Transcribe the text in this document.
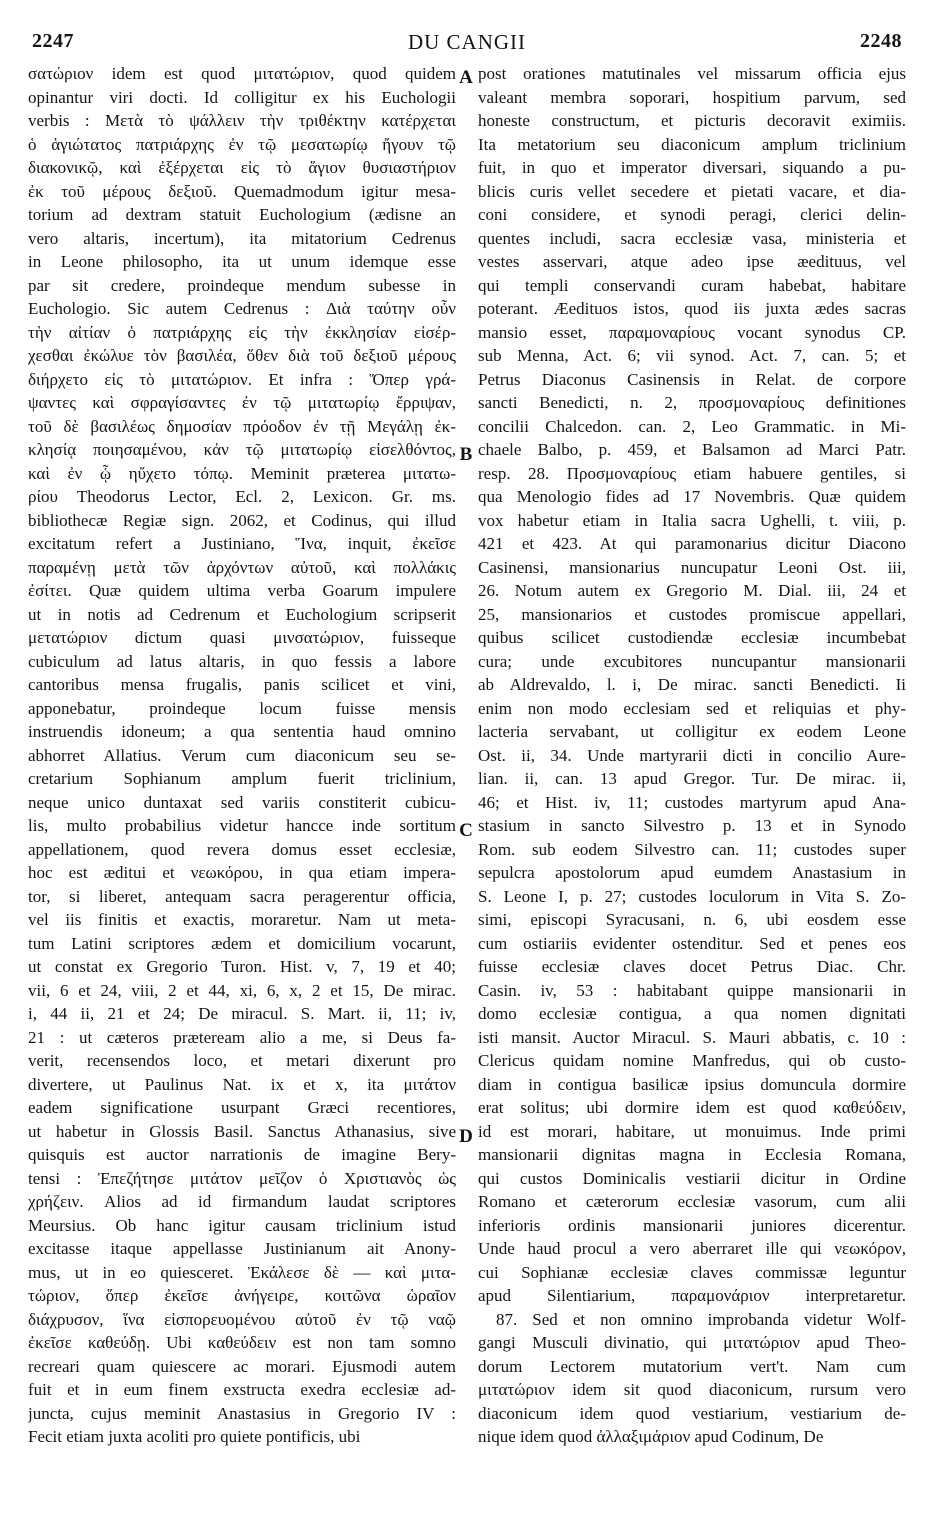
2247	DU CANGII	2248
σατώριον idem est quod μιτατώριον, quod quidem
opinantur viri docti. Id colligitur ex his Euchologii
verbis : Μετὰ τὸ ψάλλειν τὴν τριθέκτην κατέρχεται
ὁ ἁγιώτατος πατριάρχης ἐν τῷ μεσατωρίῳ ἤγουν τῷ
διακονικῷ, καὶ ἐξέρχεται εἰς τὸ ἅγιον θυσιαστήριον
ἐκ τοῦ μέρους δεξιοῦ. Quemadmodum igitur mesa-
torium ad dextram statuit Euchologium (ædisne an
vero altaris, incertum), ita mitatorium Cedrenus
in Leone philosopho, ita ut unum idemque esse
par sit credere, proindeque mendum subesse in
Euchologio. Sic autem Cedrenus : Διὰ ταύτην οὖν
τὴν αἰτίαν ὁ πατριάρχης εἰς τὴν ἐκκλησίαν εἰσέρ-
χεσθαι ἐκώλυε τὸν βασιλέα, ὅθεν διὰ τοῦ δεξιοῦ μέρους
διήρχετο εἰς τὸ μιτατώριον. Et infra : Ὅπερ γρά-
ψαντες καὶ σφραγίσαντες ἐν τῷ μιτατωρίῳ ἔρριψαν,
τοῦ δὲ βασιλέως δημοσίαν πρόοδον ἐν τῇ Μεγάλῃ ἐκ-
κλησίᾳ ποιησαμένου, κἀν τῷ μιτατωρίῳ εἰσελθόντος,
καὶ ἐν ᾧ ηὔχετο τόπῳ. Meminit præterea μιτατω-
ρίου Theodorus Lector, Ecl. 2, Lexicon. Gr. ms.
bibliothecæ Regiæ sign. 2062, et Codinus, qui illud
excitatum refert a Justiniano, Ἵνα, inquit, ἐκεῖσε
παραμένῃ μετὰ τῶν ἀρχόντων αὐτοῦ, καὶ πολλάκις
ἐσίτει. Quæ quidem ultima verba Goarum impulere
ut in notis ad Cedrenum et Euchologium scripserit
μετατώριον dictum quasi μινσατώριον, fuisseque
cubiculum ad latus altaris, in quo fessis a labore
cantoribus mensa frugalis, panis scilicet et vini,
apponebatur, proindeque locum fuisse mensis
instruendis idoneum; a qua sententia haud omnino
abhorret Allatius. Verum cum diaconicum seu se-
cretarium Sophianum amplum fuerit triclinium,
neque unico duntaxat sed variis constiterit cubicu-
lis, multo probabilius videtur hancce inde sortitum
appellationem, quod revera domus esset ecclesiæ,
hoc est æditui et νεωκόρου, in qua etiam impera-
tor, si liberet, antequam sacra peragerentur officia,
vel iis finitis et exactis, moraretur. Nam ut meta-
tum Latini scriptores ædem et domicilium vocarunt,
ut constat ex Gregorio Turon. Hist. v, 7, 19 et 40;
vii, 6 et 24, viii, 2 et 44, xi, 6, x, 2 et 15, De mirac.
i, 44 ii, 21 et 24; De miracul. S. Mart. ii, 11; iv,
21 : ut cæteros præteream alio a me, si Deus fa-
verit, recensendos loco, et metari dixerunt pro
divertere, ut Paulinus Nat. ix et x, ita μιτάτον
eadem significatione usurpant Græci recentiores,
ut habetur in Glossis Basil. Sanctus Athanasius, sive
quisquis est auctor narrationis de imagine Bery-
tensi : Ἐπεζήτησε μιτάτον μεῖζον ὁ Χριστιανὸς ὡς
χρήζειν. Alios ad id firmandum laudat scriptores
Meursius. Ob hanc igitur causam triclinium istud
excitasse itaque appellasse Justinianum ait Anony-
mus, ut in eo quiesceret. Ἐκάλεσε δὲ — καὶ μιτα-
τώριον, ὅπερ ἐκεῖσε ἀνήγειρε, κοιτῶνα ὡραῖον
διάχρυσον, ἵνα εἰσπορευομένου αὐτοῦ ἐν τῷ ναῷ
ἐκεῖσε καθεύδῃ. Ubi καθεύδειν est non tam somno
recreari quam quiescere ac morari. Ejusmodi autem
fuit et in eum finem exstructa exedra ecclesiæ ad-
juncta, cujus meminit Anastasius in Gregorio IV :
Fecit etiam juxta acoliti pro quiete pontificis, ubi
post orationes matutinales vel missarum officia ejus
valeant membra soporari, hospitium parvum, sed
honeste constructum, et picturis decoravit eximiis.
Ita metatorium seu diaconicum amplum triclinium
fuit, in quo et imperator diversari, siquando a pu-
blicis curis vellet secedere et pietati vacare, et dia-
coni considere, et synodi peragi, clerici delin-
quentes includi, sacra ecclesiæ vasa, ministeria et
vestes asservari, atque adeo ipse æedituus, vel
qui templi conservandi curam habebat, habitare
poterant. Æedituos istos, quod iis juxta ædes sacras
mansio esset, παραμοναρίους vocant synodus CP.
sub Menna, Act. 6; vii synod. Act. 7, can. 5; et
Petrus Diaconus Casinensis in Relat. de corpore
sancti Benedicti, n. 2, προσμοναρίους definitiones
concilii Chalcedon. can. 2, Leo Grammatic. in Mi-
chaele Balbo, p. 459, et Balsamon ad Marci Patr.
resp. 28. Προσμοναρίους etiam habuere gentiles, si
qua Menologio fides ad 17 Novembris. Quæ quidem
vox habetur etiam in Italia sacra Ughelli, t. viii, p.
421 et 423. At qui paramonarius dicitur Diacono
Casinensi, mansionarius nuncupatur Leoni Ost. iii,
26. Notum autem ex Gregorio M. Dial. iii, 24 et
25, mansionarios et custodes promiscue appellari,
quibus scilicet custodiendæ ecclesiæ incumbebat
cura; unde excubitores nuncupantur mansionarii
ab Aldrevaldo, l. i, De mirac. sancti Benedicti. Ii
enim non modo ecclesiam sed et reliquias et phy-
lacteria servabant, ut colligitur ex eodem Leone
Ost. ii, 34. Unde martyrarii dicti in concilio Aure-
lian. ii, can. 13 apud Gregor. Tur. De mirac. ii,
46; et Hist. iv, 11; custodes martyrum apud Ana-
stasium in sancto Silvestro p. 13 et in Synodo
Rom. sub eodem Silvestro can. 11; custodes super
sepulcra apostolorum apud eumdem Anastasium in
S. Leone I, p. 27; custodes loculorum in Vita S. Zo-
simi, episcopi Syracusani, n. 6, ubi eosdem esse
cum ostiariis evidenter ostenditur. Sed et penes eos
fuisse ecclesiæ claves docet Petrus Diac. Chr.
Casin. iv, 53 : habitabant quippe mansionarii in
domo ecclesiæ contigua, a qua nomen dignitati
isti mansit. Auctor Miracul. S. Mauri abbatis, c. 10 :
Clericus quidam nomine Manfredus, qui ob custo-
diam in contigua basilicæ ipsius domuncula dormire
erat solitus; ubi dormire idem est quod καθεύδειν,
id est morari, habitare, ut monuimus. Inde primi
mansionarii dignitas magna in Ecclesia Romana,
qui custos Dominicalis vestiarii dicitur in Ordine
Romano et cæterorum ecclesiæ vasorum, cum alii
inferioris ordinis mansionarii juniores dicerentur.
Unde haud procul a vero aberraret ille qui νεωκόρον,
cui Sophianæ ecclesiæ claves commissæ leguntur
apud Silentiarium, παραμονάριον interpretaretur.
87. Sed et non omnino improbanda videtur Wolf-
gangi Musculi divinatio, qui μιτατώριον apud Theo-
dorum Lectorem mutatorium vert't. Nam cum
μιτατώριον idem sit quod diaconicum, rursum vero
diaconicum idem quod vestiarium, vestiarium de-
nique idem quod ἀλλαξιμάριον apud Codinum, De
A
B
C
D
